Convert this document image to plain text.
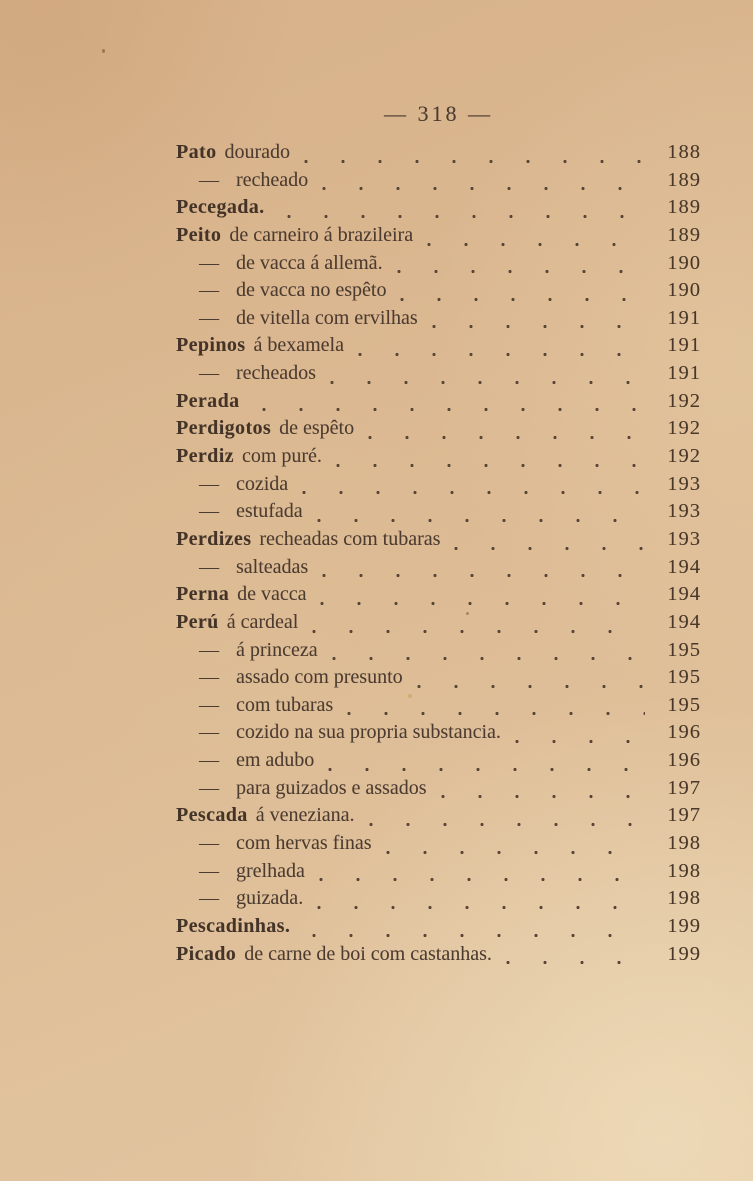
— 318 —
Pato dourado	188
— recheado	189
Pecegada.	189
Peito de carneiro á brazileira	189
— de vacca á allemã.	190
— de vacca no espêto	190
— de vitella com ervilhas	191
Pepinos á bexamela	191
— recheados	191
Perada	192
Perdigotos de espêto	192
Perdiz com puré.	192
— cozida	193
— estufada	193
Perdizes recheadas com tubaras	193
— salteadas	194
Perna de vacca	194
Perú á cardeal	194
— á princeza	195
— assado com presunto	195
— com tubaras	195
— cozido na sua propria substancia.	196
— em adubo	196
— para guizados e assados	197
Pescada á veneziana.	197
— com hervas finas	198
— grelhada	198
— guizada.	198
Pescadinhas.	199
Picado de carne de boi com castanhas.	199
